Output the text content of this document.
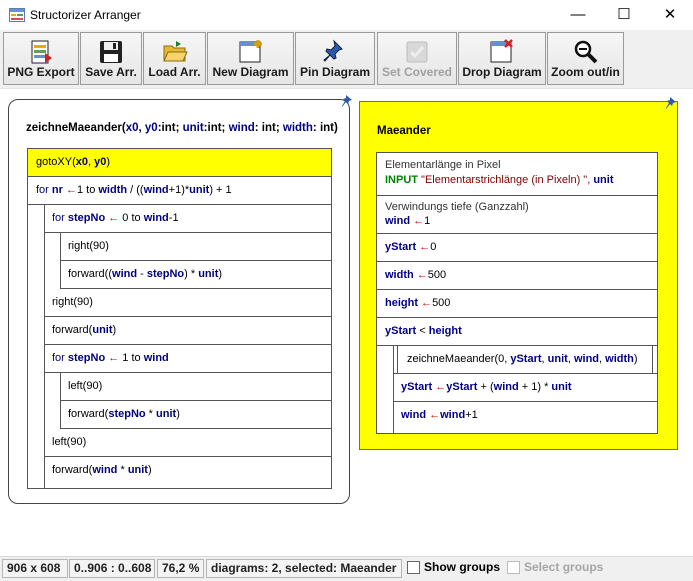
Structorizer Arranger	—	☐	✕
PNG Export Save Arr. Load Arr. New Diagram Pin Diagram Set Covered Drop Diagram Zoom out/in
zeichneMaeander(x0, y0:int; unit:int; wind: int; width: int)
gotoXY(x0, y0)
for nr ←1 to width / ((wind+1)*unit) + 1
for stepNo ← 0 to wind-1
right(90)
forward((wind - stepNo) * unit)
right(90)
forward(unit)
for stepNo ← 1 to wind
left(90)
forward(stepNo * unit)
left(90)
forward(wind * unit)
Maeander
Elementarlänge in Pixel
INPUT "Elementarstrichlänge (in Pixeln) ", unit
Verwindungs tiefe (Ganzzahl)
wind ←1
yStart ←0
width ←500
height ←500
yStart < height
zeichneMaeander(0, yStart, unit, wind, width)
yStart ←yStart + (wind + 1) * unit
wind ←wind+1
906 x 608	0..906 : 0..608 76,2 % diagrams: 2, selected: Maeander	Show groups Select groups
